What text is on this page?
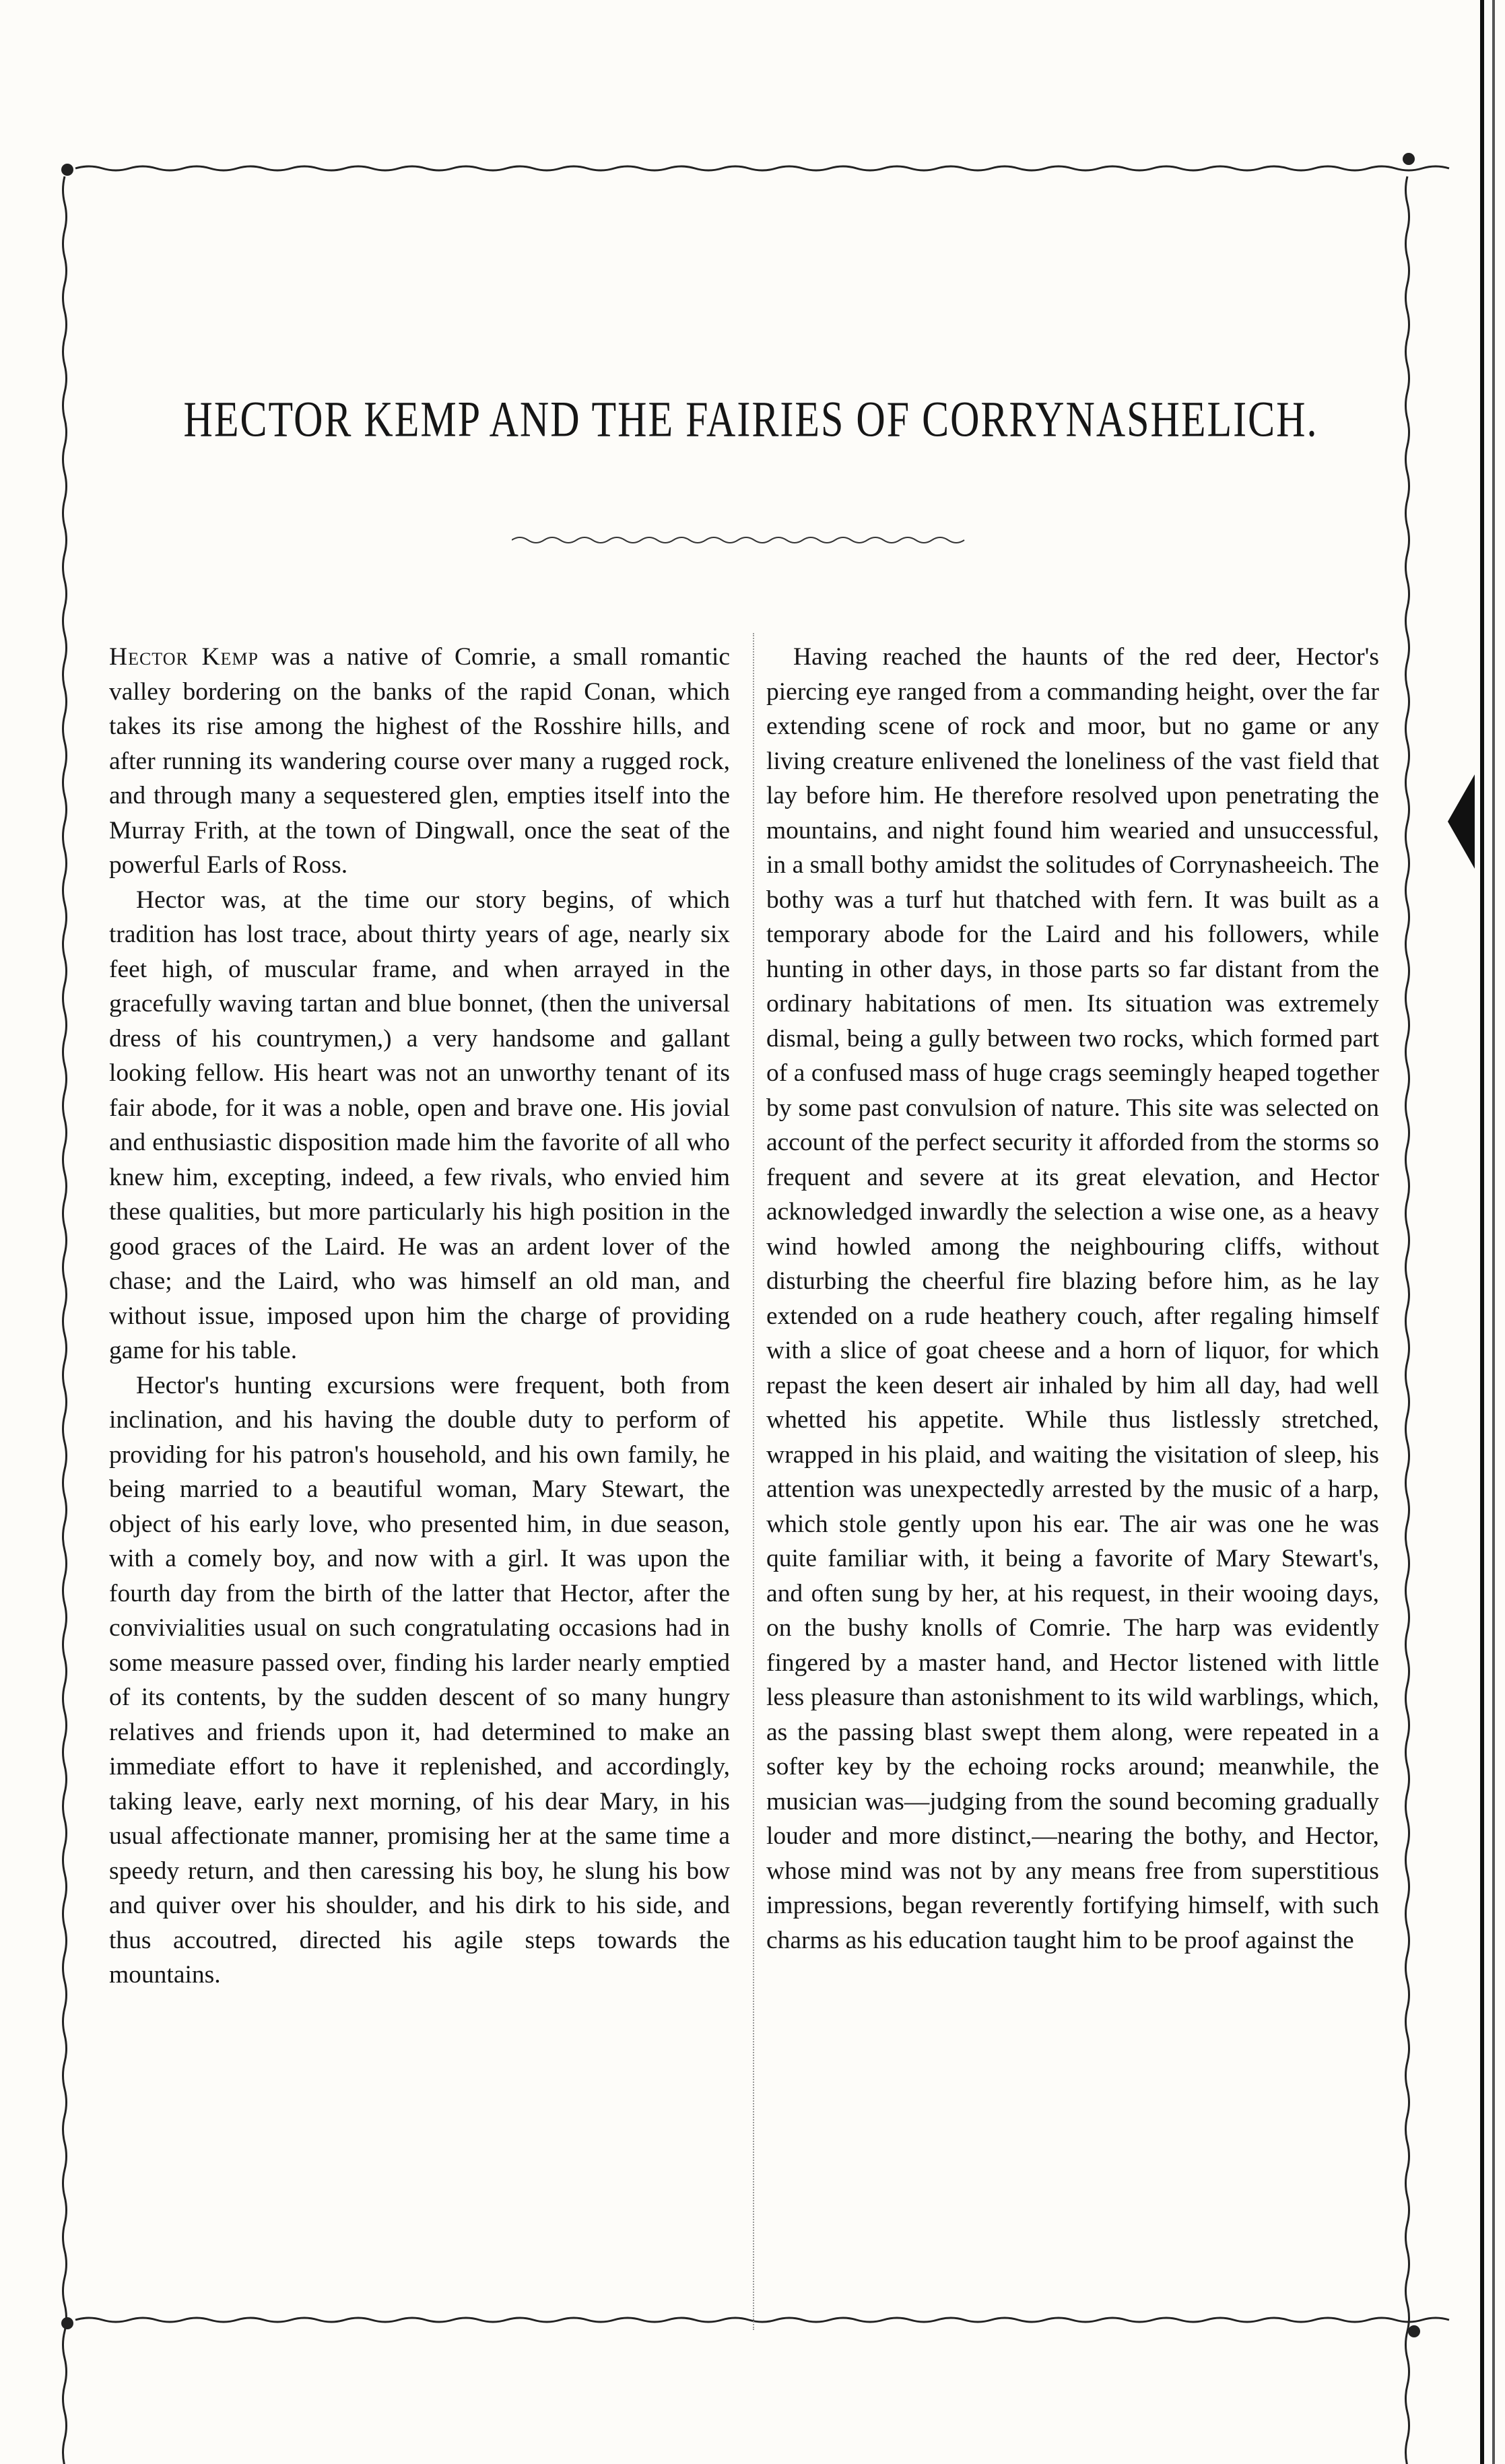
HECTOR KEMP AND THE FAIRIES OF CORRYNASHELICH.

Hector Kemp was a native of Comrie, a small romantic valley bordering on the banks of the rapid Conan, which takes its rise among the highest of the Rosshire hills, and after running its wandering course over many a rugged rock, and through many a sequestered glen, empties itself into the Murray Frith, at the town of Dingwall, once the seat of the powerful Earls of Ross.

Hector was, at the time our story begins, of which tradition has lost trace, about thirty years of age, nearly six feet high, of muscular frame, and when arrayed in the gracefully waving tartan and blue bonnet, (then the universal dress of his countrymen,) a very handsome and gallant looking fellow. His heart was not an unworthy tenant of its fair abode, for it was a noble, open and brave one. His jovial and enthusiastic disposition made him the favorite of all who knew him, excepting, indeed, a few rivals, who envied him these qualities, but more particularly his high position in the good graces of the Laird. He was an ardent lover of the chase; and the Laird, who was himself an old man, and without issue, imposed upon him the charge of providing game for his table.

Hector's hunting excursions were frequent, both from inclination, and his having the double duty to perform of providing for his patron's household, and his own family, he being married to a beautiful woman, Mary Stewart, the object of his early love, who presented him, in due season, with a comely boy, and now with a girl. It was upon the fourth day from the birth of the latter that Hector, after the convivialities usual on such congratulating occasions had in some measure passed over, finding his larder nearly emptied of its contents, by the sudden descent of so many hungry relatives and friends upon it, had determined to make an immediate effort to have it replenished, and accordingly, taking leave, early next morning, of his dear Mary, in his usual affectionate manner, promising her at the same time a speedy return, and then caressing his boy, he slung his bow and quiver over his shoulder, and his dirk to his side, and thus accoutred, directed his agile steps towards the mountains.

Having reached the haunts of the red deer, Hector's piercing eye ranged from a commanding height, over the far extending scene of rock and moor, but no game or any living creature enlivened the loneliness of the vast field that lay before him. He therefore resolved upon penetrating the mountains, and night found him wearied and unsuccessful, in a small bothy amidst the solitudes of Corrynasheeich. The bothy was a turf hut thatched with fern. It was built as a temporary abode for the Laird and his followers, while hunting in other days, in those parts so far distant from the ordinary habitations of men. Its situation was extremely dismal, being a gully between two rocks, which formed part of a confused mass of huge crags seemingly heaped together by some past convulsion of nature. This site was selected on account of the perfect security it afforded from the storms so frequent and severe at its great elevation, and Hector acknowledged inwardly the selection a wise one, as a heavy wind howled among the neighbouring cliffs, without disturbing the cheerful fire blazing before him, as he lay extended on a rude heathery couch, after regaling himself with a slice of goat cheese and a horn of liquor, for which repast the keen desert air inhaled by him all day, had well whetted his appetite. While thus listlessly stretched, wrapped in his plaid, and waiting the visitation of sleep, his attention was unexpectedly arrested by the music of a harp, which stole gently upon his ear. The air was one he was quite familiar with, it being a favorite of Mary Stewart's, and often sung by her, at his request, in their wooing days, on the bushy knolls of Comrie. The harp was evidently fingered by a master hand, and Hector listened with little less pleasure than astonishment to its wild warblings, which, as the passing blast swept them along, were repeated in a softer key by the echoing rocks around; meanwhile, the musician was—judging from the sound becoming gradually louder and more distinct,—nearing the bothy, and Hector, whose mind was not by any means free from superstitious impressions, began reverently fortifying himself, with such charms as his education taught him to be proof against the
